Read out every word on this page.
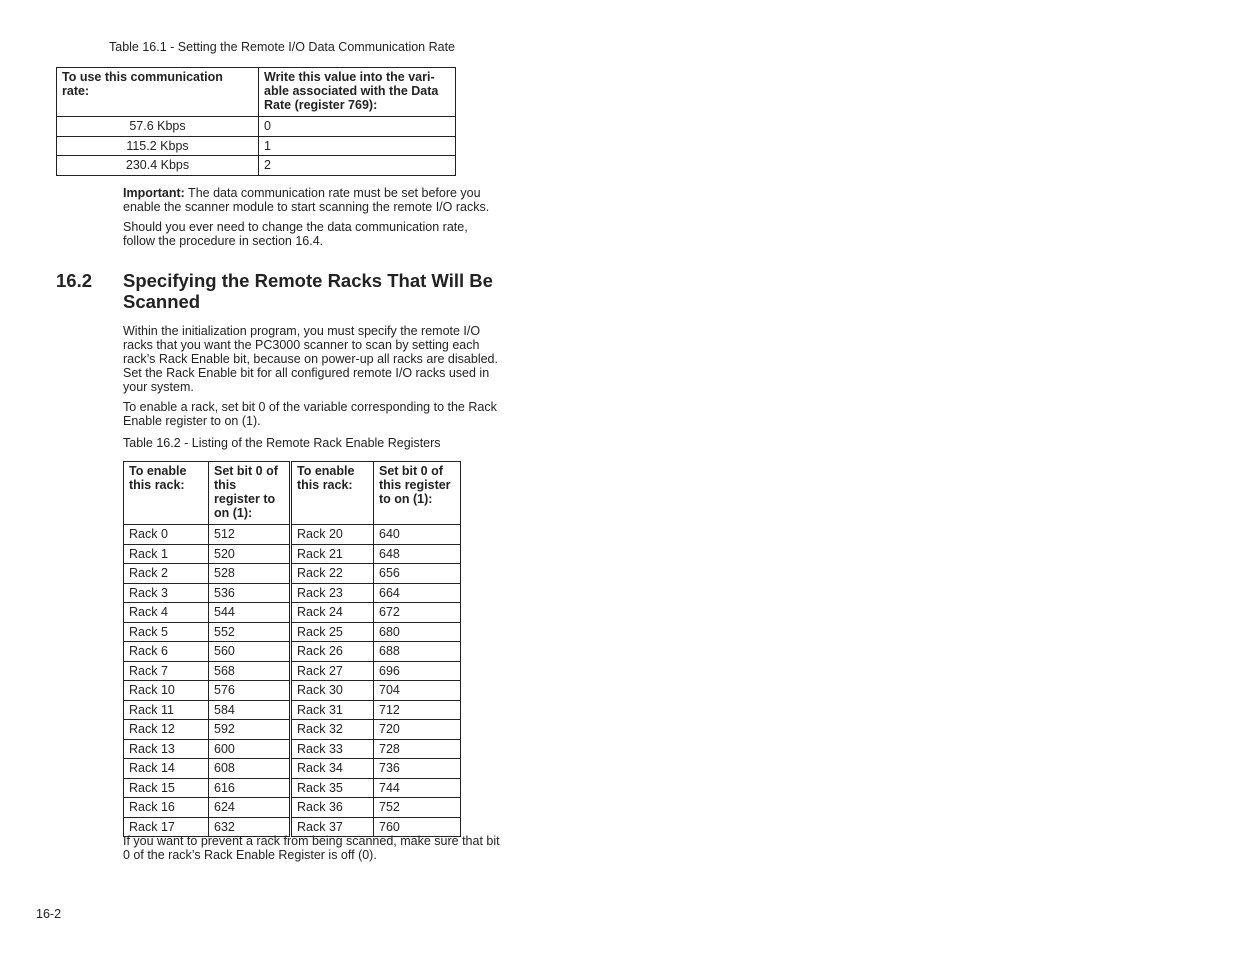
Table 16.1 - Setting the Remote I/O Data Communication Rate
To use this communication rate:	Write this value into the vari-able associated with the Data Rate (register 769):
57.6 Kbps	0
115.2 Kbps	1
230.4 Kbps	2
Important: The data communication rate must be set before you enable the scanner module to start scanning the remote I/O racks.
Should you ever need to change the data communication rate, follow the procedure in section 16.4.
16.2 Specifying the Remote Racks That Will Be Scanned
Within the initialization program, you must specify the remote I/O racks that you want the PC3000 scanner to scan by setting each rack’s Rack Enable bit, because on power-up all racks are disabled. Set the Rack Enable bit for all configured remote I/O racks used in your system.
To enable a rack, set bit 0 of the variable corresponding to the Rack Enable register to on (1).
Table 16.2 - Listing of the Remote Rack Enable Registers
To enable this rack:	Set bit 0 of this register to on (1):	To enable this rack:	Set bit 0 of this register to on (1):
Rack 0	512	Rack 20	640
Rack 1	520	Rack 21	648
Rack 2	528	Rack 22	656
Rack 3	536	Rack 23	664
Rack 4	544	Rack 24	672
Rack 5	552	Rack 25	680
Rack 6	560	Rack 26	688
Rack 7	568	Rack 27	696
Rack 10	576	Rack 30	704
Rack 11	584	Rack 31	712
Rack 12	592	Rack 32	720
Rack 13	600	Rack 33	728
Rack 14	608	Rack 34	736
Rack 15	616	Rack 35	744
Rack 16	624	Rack 36	752
Rack 17	632	Rack 37	760
If you want to prevent a rack from being scanned, make sure that bit 0 of the rack’s Rack Enable Register is off (0).
16-2
